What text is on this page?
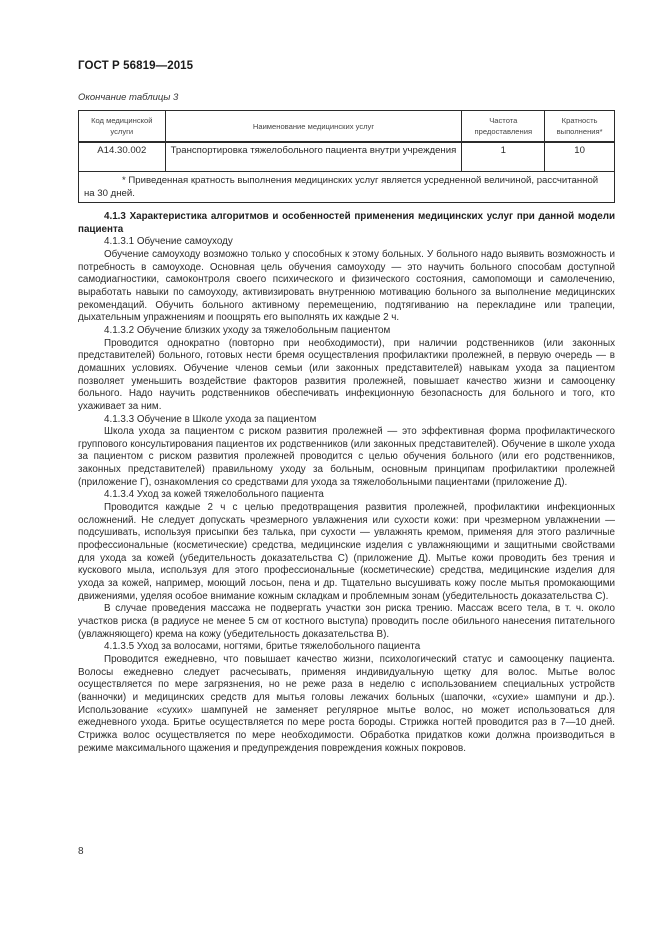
ГОСТ Р 56819—2015
Окончание таблицы 3
Код медицинской услуги	Наименование медицинских услуг	Частота предоставления	Кратность выполнения*
А14.30.002	Транспортировка тяжелобольного пациента внутри учреждения	1	10
* Приведенная кратность выполнения медицинских услуг является усредненной величиной, рассчитанной на 30 дней.			

4.1.3 Характеристика алгоритмов и особенностей применения медицинских услуг при данной модели пациента

4.1.3.1 Обучение самоуходу

Обучение самоуходу возможно только у способных к этому больных. У больного надо выявить возможность и потребность в самоуходе. Основная цель обучения самоуходу — это научить больного способам доступной самодиагностики, самоконтроля своего психического и физического состояния, самопомощи и самолечению, выработать навыки по самоуходу, активизировать внутреннюю мотивацию больного за выполнение медицинских рекомендаций. Обучить больного активному перемещению, подтягиванию на перекладине или трапеции, дыхательным упражнениям и поощрять его выполнять их каждые 2 ч.

4.1.3.2 Обучение близких уходу за тяжелобольным пациентом

Проводится однократно (повторно при необходимости), при наличии родственников (или законных представителей) больного, готовых нести бремя осуществления профилактики пролежней, в первую очередь — в домашних условиях. Обучение членов семьи (или законных представителей) навыкам ухода за пациентом позволяет уменьшить воздействие факторов развития пролежней, повышает качество жизни и самооценку больного. Надо научить родственников обеспечивать инфекционную безопасность для больного и того, кто ухаживает за ним.

4.1.3.3 Обучение в Школе ухода за пациентом

Школа ухода за пациентом с риском развития пролежней — это эффективная форма профилактического группового консультирования пациентов их родственников (или законных представителей). Обучение в школе ухода за пациентом с риском развития пролежней проводится с целью обучения больного (или его родственников, законных представителей) правильному уходу за больным, основным принципам профилактики пролежней (приложение Г), ознакомления со средствами для ухода за тяжелобольными пациентами (приложение Д).

4.1.3.4 Уход за кожей тяжелобольного пациента

Проводится каждые 2 ч с целью предотвращения развития пролежней, профилактики инфекционных осложнений. Не следует допускать чрезмерного увлажнения или сухости кожи: при чрезмерном увлажнении — подсушивать, используя присыпки без талька, при сухости — увлажнять кремом, применяя для этого различные профессиональные (косметические) средства, медицинские изделия с увлажняющими и защитными свойствами для ухода за кожей (убедительность доказательства С) (приложение Д). Мытье кожи проводить без трения и кускового мыла, используя для этого профессиональные (косметические) средства, медицинские изделия для ухода за кожей, например, моющий лосьон, пена и др. Тщательно высушивать кожу после мытья промокающими движениями, уделяя особое внимание кожным складкам и проблемным зонам (убедительность доказательства С).

В случае проведения массажа не подвергать участки зон риска трению. Массаж всего тела, в т. ч. около участков риска (в радиусе не менее 5 см от костного выступа) проводить после обильного нанесения питательного (увлажняющего) крема на кожу (убедительность доказательства В).

4.1.3.5 Уход за волосами, ногтями, бритье тяжелобольного пациента

Проводится ежедневно, что повышает качество жизни, психологический статус и самооценку пациента. Волосы ежедневно следует расчесывать, применяя индивидуальную щетку для волос. Мытье волос осуществляется по мере загрязнения, но не реже раза в неделю с использованием специальных устройств (ванночки) и медицинских средств для мытья головы лежачих больных (шапочки, «сухие» шампуни и др.). Использование «сухих» шампуней не заменяет регулярное мытье волос, но может использоваться для ежедневного ухода. Бритье осуществляется по мере роста бороды. Стрижка ногтей проводится раз в 7—10 дней. Стрижка волос осуществляется по мере необходимости. Обработка придатков кожи должна производиться в режиме максимального щажения и предупреждения повреждения кожных покровов.

8
